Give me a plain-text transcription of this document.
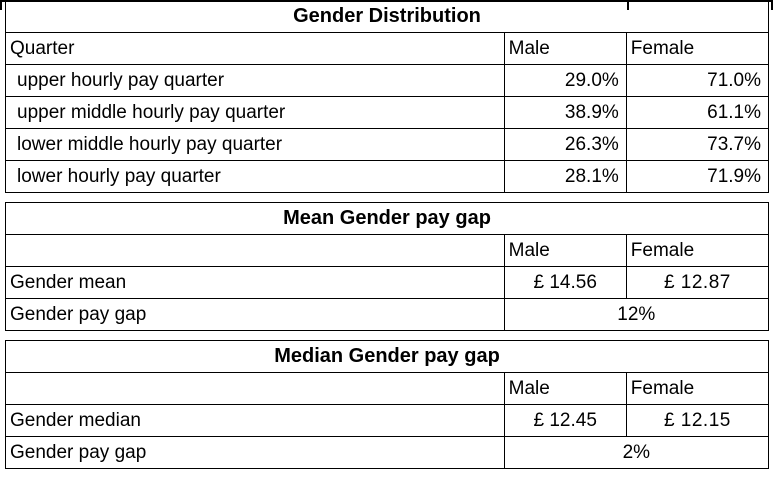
Gender Distribution		
Quarter	Male	Female
upper hourly pay quarter	29.0%	71.0%
upper middle hourly pay quarter	38.9%	61.1%
lower middle hourly pay quarter	26.3%	73.7%
lower hourly pay quarter	28.1%	71.9%
Mean Gender pay gap		
	Male	Female
Gender mean	£ 14.56	£ 12.87
Gender pay gap	12%	
Median Gender pay gap		
	Male	Female
Gender median	£ 12.45	£ 12.15
Gender pay gap	2%	
